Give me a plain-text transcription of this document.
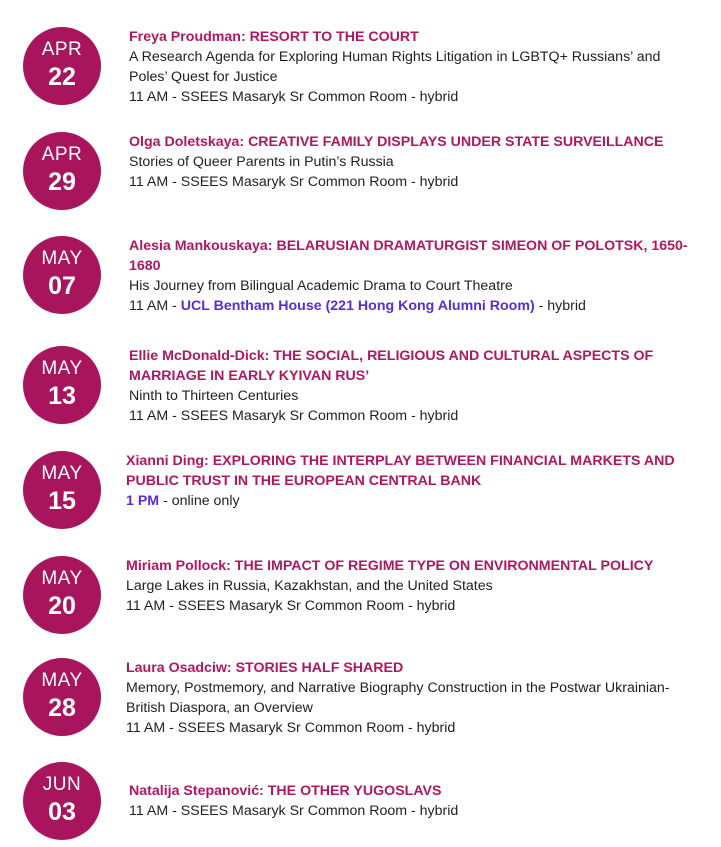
APR
22
Freya Proudman: RESORT TO THE COURT
A Research Agenda for Exploring Human Rights Litigation in LGBTQ+ Russians’ and Poles’ Quest for Justice
11 AM - SSEES Masaryk Sr Common Room - hybrid
APR
29
Olga Doletskaya: CREATIVE FAMILY DISPLAYS UNDER STATE SURVEILLANCE
Stories of Queer Parents in Putin’s Russia
11 AM - SSEES Masaryk Sr Common Room - hybrid
MAY
07
Alesia Mankouskaya: BELARUSIAN DRAMATURGIST SIMEON OF POLOTSK, 1650-1680
His Journey from Bilingual Academic Drama to Court Theatre
11 AM - UCL Bentham House (221 Hong Kong Alumni Room) - hybrid
MAY
13
Ellie McDonald-Dick: THE SOCIAL, RELIGIOUS AND CULTURAL ASPECTS OF MARRIAGE IN EARLY KYIVAN RUS’
Ninth to Thirteen Centuries
11 AM - SSEES Masaryk Sr Common Room - hybrid
MAY
15
Xianni Ding: EXPLORING THE INTERPLAY BETWEEN FINANCIAL MARKETS AND PUBLIC TRUST IN THE EUROPEAN CENTRAL BANK
1 PM - online only
MAY
20
Miriam Pollock: THE IMPACT OF REGIME TYPE ON ENVIRONMENTAL POLICY
Large Lakes in Russia, Kazakhstan, and the United States
11 AM - SSEES Masaryk Sr Common Room - hybrid
MAY
28
Laura Osadciw: STORIES HALF SHARED
Memory, Postmemory, and Narrative Biography Construction in the Postwar Ukrainian-British Diaspora, an Overview
11 AM - SSEES Masaryk Sr Common Room - hybrid
JUN
03
Natalija Stepanović: THE OTHER YUGOSLAVS
11 AM - SSEES Masaryk Sr Common Room - hybrid
